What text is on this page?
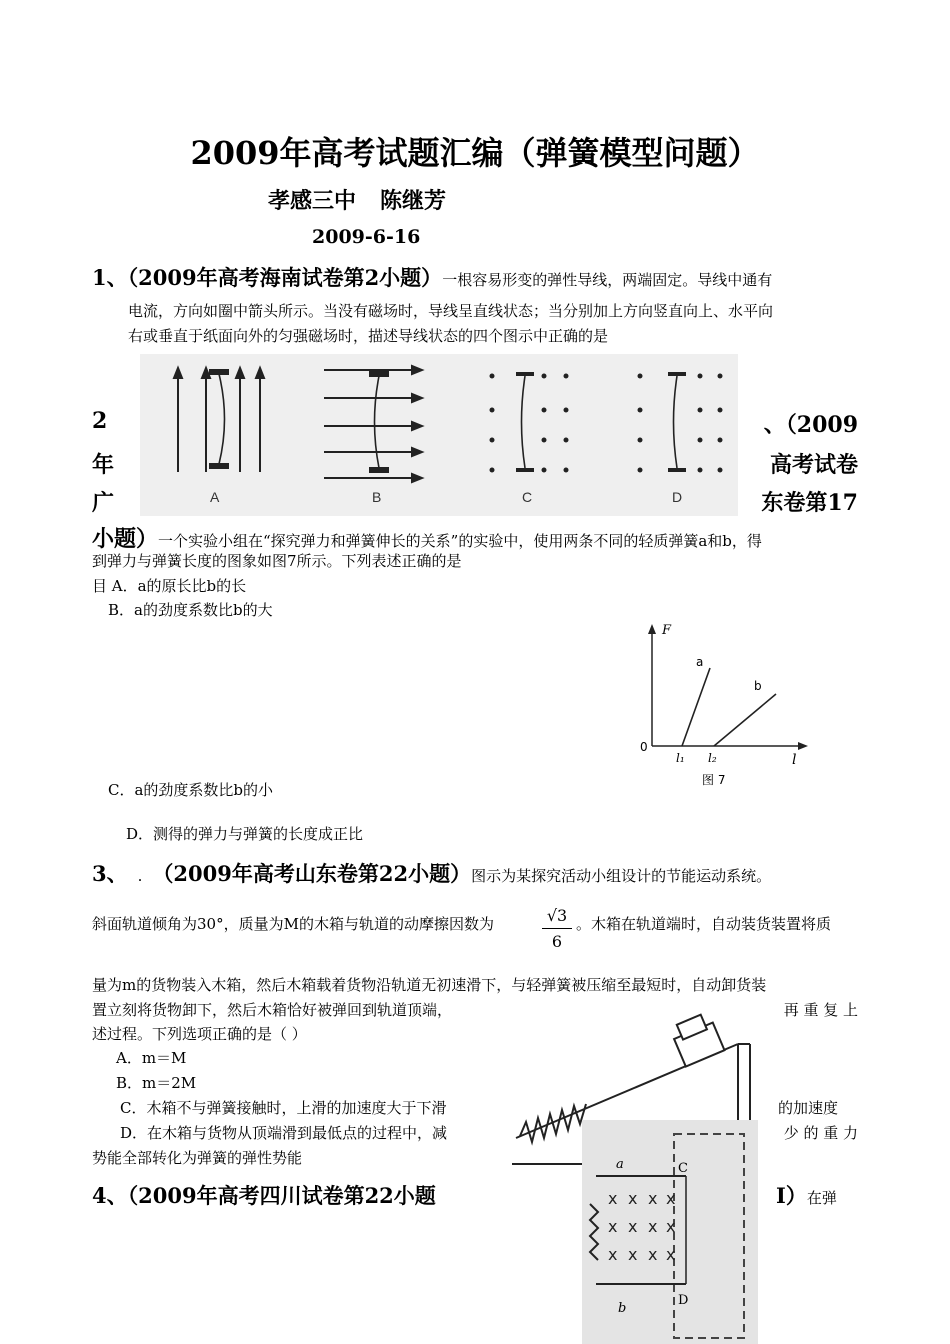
2009年高考试题汇编（弹簧模型问题）
孝感三中 陈继芳
2009-6-16
1、（2009年高考海南试卷第2小题）一根容易形变的弹性导线，两端固定。导线中通有
电流，方向如圈中箭头所示。当没有磁场时，导线呈直线状态；当分别加上方向竖直向上、水平向
右或垂直于纸面向外的匀强磁场时，描述导线状态的四个图示中正确的是
A	B	C	D
2
年
广
、（2009
高考试卷
东卷第17
小题）一个实验小组在“探究弹力和弹簧伸长的关系”的实验中，使用两条不同的轻质弹簧a和b，得
到弹力与弹簧长度的图象如图7所示。下列表述正确的是
目 A．a的原长比b的长
B．a的劲度系数比b的大
F
l
0
a
b
l₁ l₂
图 7
C．a的劲度系数比b的小
D．测得的弹力与弹簧的长度成正比
3、 . （2009年高考山东卷第22小题）图示为某探究活动小组设计的节能运动系统。
斜面轨道倾角为30°，质量为M的木箱与轨道的动摩擦因数为	$\frac{√3}{6}$ 。木箱在轨道端时，自动装货装置将质
量为m的货物装入木箱，然后木箱载着货物沿轨道无初速滑下，与轻弹簧被压缩至最短时，自动卸货装
置立刻将货物卸下，然后木箱恰好被弹回到轨道顶端，	再 重 复 上
述过程。下列选项正确的是（ ）
A．m＝M
B．m＝2M
C．木箱不与弹簧接触时，上滑的加速度大于下滑	的加速度
D．在木箱与货物从顶端滑到最低点的过程中，减	少 的 重 力
势能全部转化为弹簧的弹性势能
4、（2009年高考四川试卷第22小题	I）在弹
a
b
C
D
x x x x
x x x x
x x x x
